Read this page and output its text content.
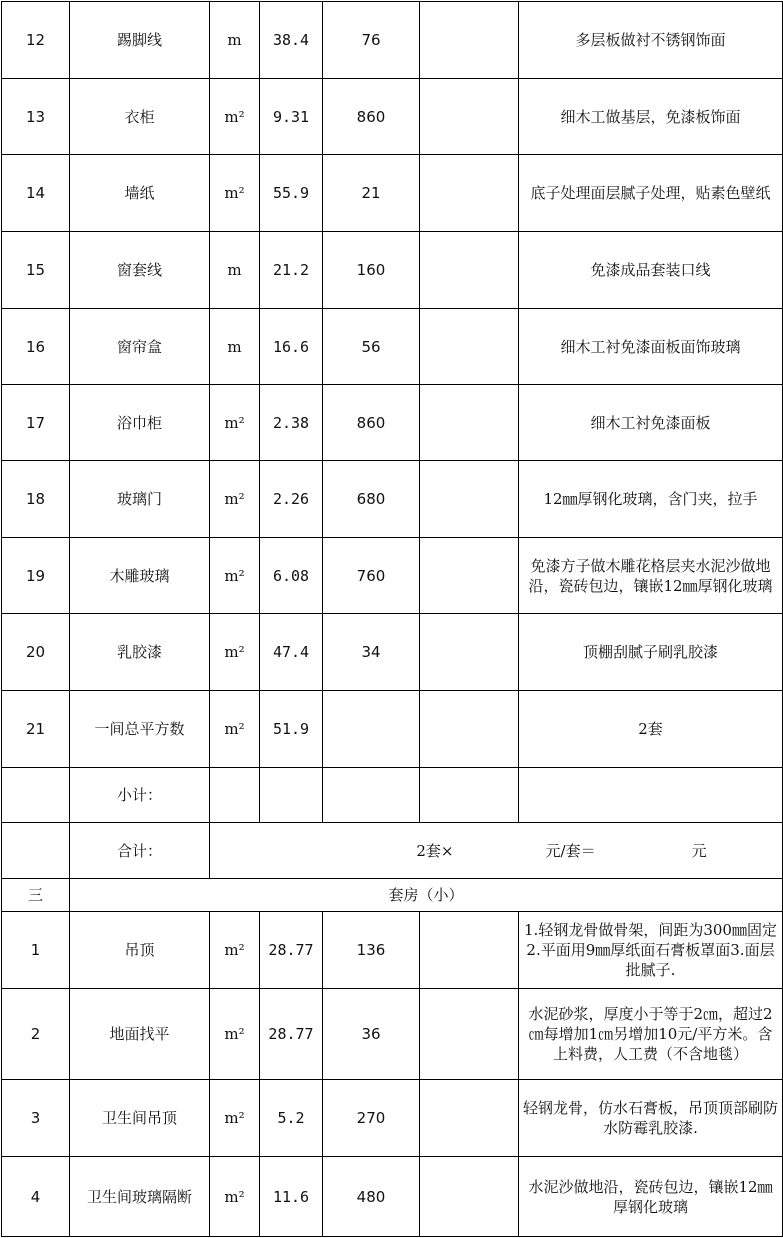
12	踢脚线	m	38.4	76		多层板做衬不锈钢饰面
13	衣柜	m²	9.31	860		细木工做基层，免漆板饰面
14	墙纸	m²	55.9	21		底子处理面层腻子处理，贴素色壁纸
15	窗套线	m	21.2	160		免漆成品套装口线
16	窗帘盒	m	16.6	56		细木工衬免漆面板面饰玻璃
17	浴巾柜	m²	2.38	860		细木工衬免漆面板
18	玻璃门	m²	2.26	680		12㎜厚钢化玻璃，含门夹，拉手
19	木雕玻璃	m²	6.08	760		免漆方子做木雕花格层夹水泥沙做地沿，瓷砖包边，镶嵌12㎜厚钢化玻璃
20	乳胶漆	m²	47.4	34		顶棚刮腻子刷乳胶漆
21	一间总平方数	m²	51.9			2套
	小计：					
	合计：	2套× 元/套＝ 元				
三	套房（小）					
1	吊顶	m²	28.77	136		1.轻钢龙骨做骨架，间距为300㎜固定2.平面用9㎜厚纸面石膏板罩面3.面层批腻子.
2	地面找平	m²	28.77	36		水泥砂浆，厚度小于等于2㎝，超过2㎝每增加1㎝另增加10元/平方米。含上料费，人工费（不含地毯）
3	卫生间吊顶	m²	5.2	270		轻钢龙骨，仿水石膏板，吊顶顶部刷防水防霉乳胶漆.
4	卫生间玻璃隔断	m²	11.6	480		水泥沙做地沿，瓷砖包边，镶嵌12㎜厚钢化玻璃
